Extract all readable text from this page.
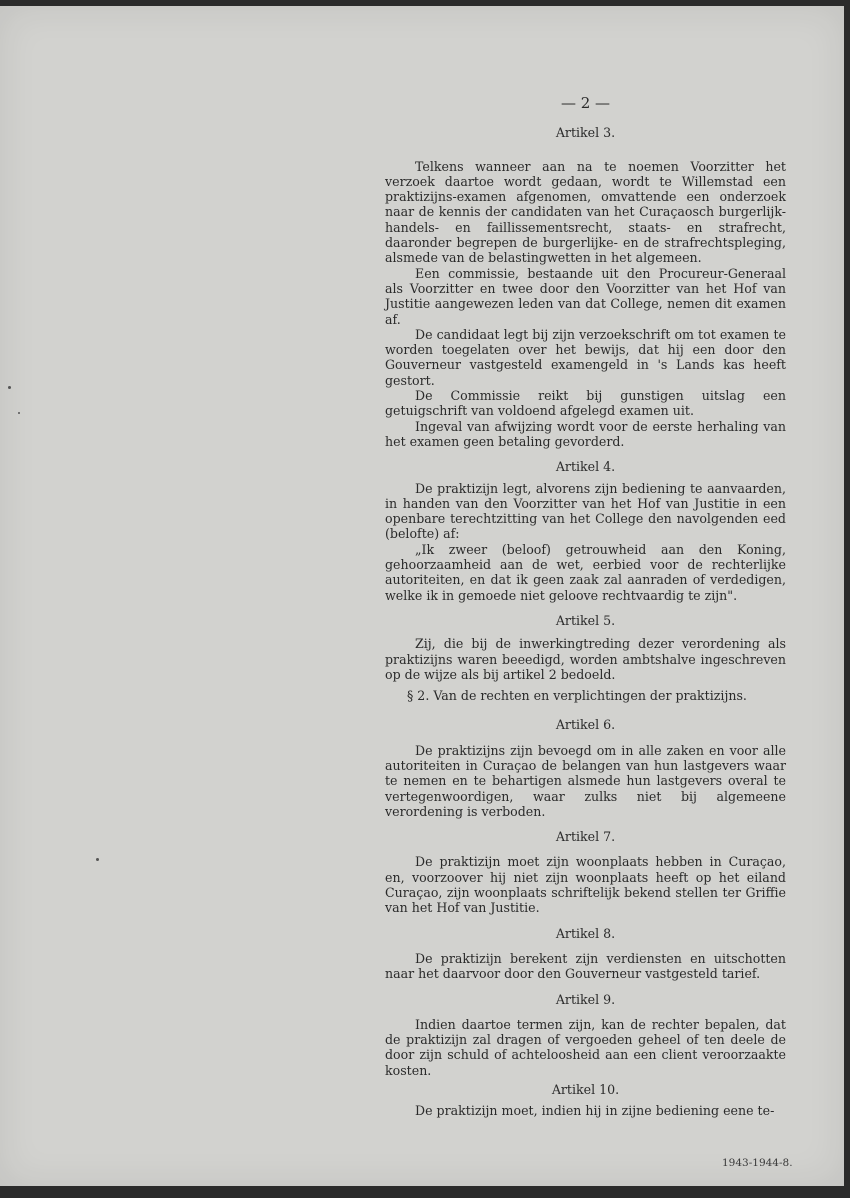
— 2 —
Artikel 3.

Telkens wanneer aan na te noemen Voorzitter het verzoek daartoe wordt gedaan, wordt te Willemstad een praktizijns-examen afgenomen, omvattende een onderzoek naar de kennis der candidaten van het Curaçaosch burgerlijk-handels- en faillissementsrecht, staats- en strafrecht, daaronder begrepen de burgerlijke- en de strafrechtspleging, alsmede van de belastingwetten in het algemeen.

Een commissie, bestaande uit den Procureur-Generaal als Voorzitter en twee door den Voorzitter van het Hof van Justitie aangewezen leden van dat College, nemen dit examen af.

De candidaat legt bij zijn verzoekschrift om tot examen te worden toegelaten over het bewijs, dat hij een door den Gouverneur vastgesteld examengeld in 's Lands kas heeft gestort.

De Commissie reikt bij gunstigen uitslag een getuigschrift van voldoend afgelegd examen uit.

Ingeval van afwijzing wordt voor de eerste herhaling van het examen geen betaling gevorderd.

Artikel 4.

De praktizijn legt, alvorens zijn bediening te aanvaarden, in handen van den Voorzitter van het Hof van Justitie in een openbare terechtzitting van het College den navolgenden eed (belofte) af:

„Ik zweer (beloof) getrouwheid aan den Koning, gehoorzaamheid aan de wet, eerbied voor de rechterlijke autoriteiten, en dat ik geen zaak zal aanraden of verdedigen, welke ik in gemoede niet geloove rechtvaardig te zijn".

Artikel 5.

Zij, die bij de inwerkingtreding dezer verordening als praktizijns waren beeedigd, worden ambtshalve ingeschreven op de wijze als bij artikel 2 bedoeld.

§ 2. Van de rechten en verplichtingen der praktizijns.
Artikel 6.

De praktizijns zijn bevoegd om in alle zaken en voor alle autoriteiten in Curaçao de belangen van hun lastgevers waar te nemen en te behartigen alsmede hun lastgevers overal te vertegenwoordigen, waar zulks niet bij algemeene verordening is verboden.

Artikel 7.

De praktizijn moet zijn woonplaats hebben in Curaçao, en, voorzoover hij niet zijn woonplaats heeft op het eiland Curaçao, zijn woonplaats schriftelijk bekend stellen ter Griffie van het Hof van Justitie.

Artikel 8.

De praktizijn berekent zijn verdiensten en uitschotten naar het daarvoor door den Gouverneur vastgesteld tarief.

Artikel 9.

Indien daartoe termen zijn, kan de rechter bepalen, dat de praktizijn zal dragen of vergoeden geheel of ten deele de door zijn schuld of achteloosheid aan een client veroorzaakte kosten.

Artikel 10.

De praktizijn moet, indien hij in zijne bediening eene te-

1943-1944-8.
